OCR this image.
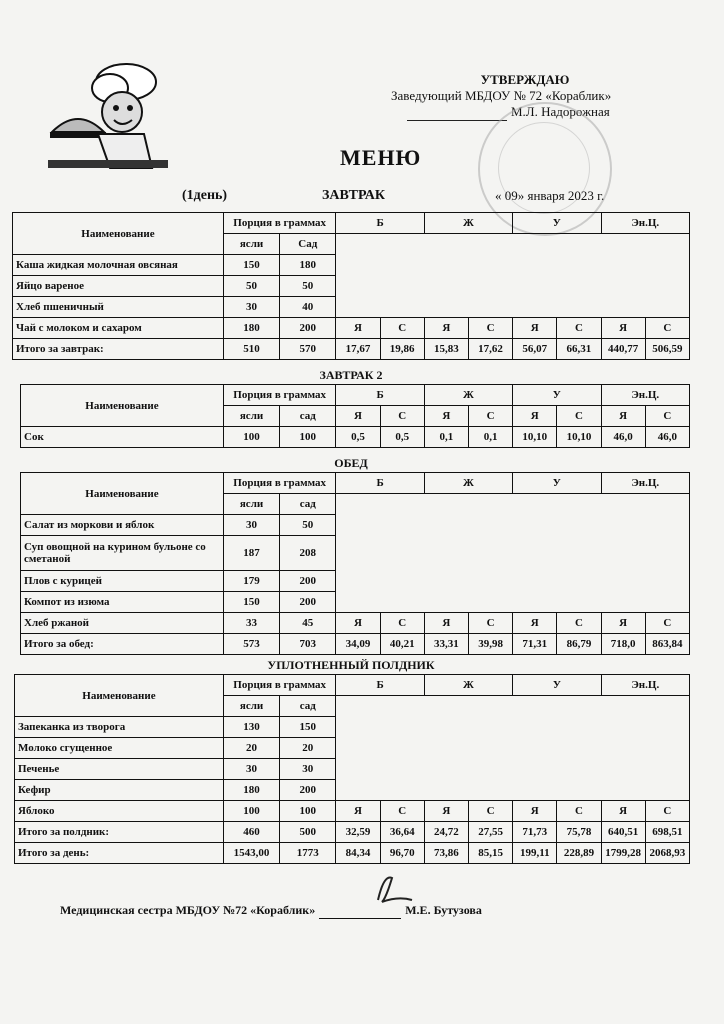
УТВЕРЖДАЮ
Заведующий МБДОУ № 72 «Кораблик»
М.Л. Надорожная
МЕНЮ
(1день)	ЗАВТРАК	« 09» января 2023 г.
Наименование	Порция в граммах		Б		Ж		У		Эн.Ц.	
	ясли	Сад								
Каша жидкая молочная овсяная	150	180								
Яйцо вареное	50	50								
Хлеб пшеничный	30	40								
Чай с молоком и сахаром	180	200	Я	С	Я	С	Я	С	Я	С
Итого за завтрак:	510	570	17,67	19,86	15,83	17,62	56,07	66,31	440,77	506,59
ЗАВТРАК 2
Наименование	Порция в граммах		Б		Ж		У		Эн.Ц.	
	ясли	сад	Я	С	Я	С	Я	С	Я	С
Сок	100	100	0,5	0,5	0,1	0,1	10,10	10,10	46,0	46,0
ОБЕД
Наименование	Порция в граммах		Б		Ж		У		Эн.Ц.	
	ясли	сад								
Салат из моркови и яблок	30	50								
Суп овощной на курином бульоне со сметаной	187	208								
Плов с курицей	179	200								
Компот из изюма	150	200								
Хлеб ржаной	33	45	Я	С	Я	С	Я	С	Я	С
Итого за обед:	573	703	34,09	40,21	33,31	39,98	71,31	86,79	718,0	863,84
УПЛОТНЕННЫЙ ПОЛДНИК
Наименование	Порция в граммах		Б		Ж		У		Эн.Ц.	
	ясли	сад								
Запеканка из творога	130	150								
Молоко сгущенное	20	20								
Печенье	30	30								
Кефир	180	200								
Яблоко	100	100	Я	С	Я	С	Я	С	Я	С
Итого за полдник:	460	500	32,59	36,64	24,72	27,55	71,73	75,78	640,51	698,51
Итого за день:	1543,00	1773	84,34	96,70	73,86	85,15	199,11	228,89	1799,28	2068,93
Медицинская сестра МБДОУ №72 «Кораблик»	М.Е. Бутузова
